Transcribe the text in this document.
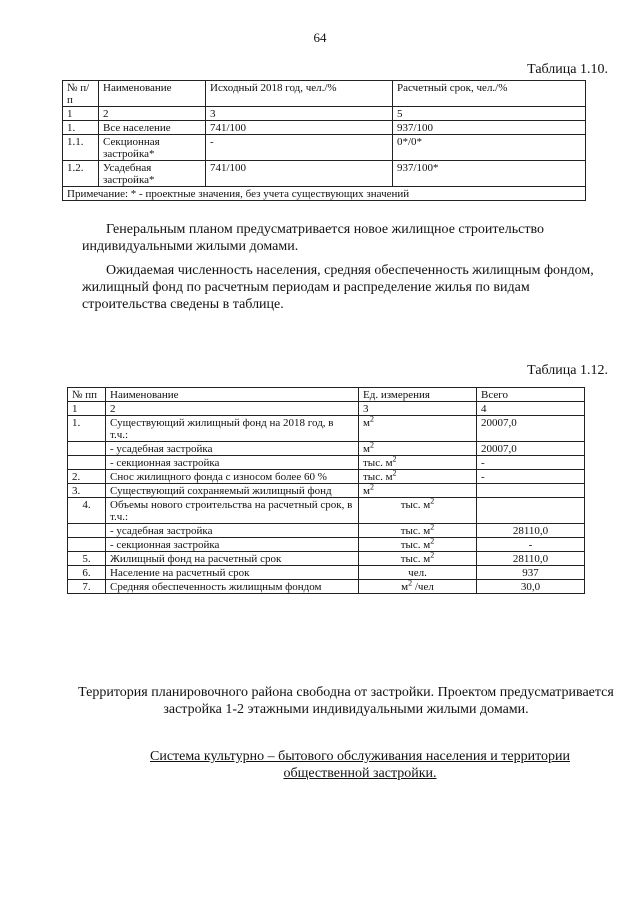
64
Таблица 1.10.
№ п/п	Наименование	Исходный 2018 год, чел./%	Расчетный срок, чел./%
1	2	3	5
1.	Все население	741/100	937/100
1.1.	Секционная застройка*	-	0*/0*
1.2.	Усадебная застройка*	741/100	937/100*
Примечание: * - проектные значения, без учета существующих значений			

Генеральным планом предусматривается новое жилищное строительство индивидуальными жилыми домами.

Ожидаемая численность населения, средняя обеспеченность жилищным фондом, жилищный фонд по расчетным периодам и распределение жилья по видам строительства сведены в таблице.

Таблица 1.12.
№ пп	Наименование	Ед. измерения	Всего
1	2	3	4
1.	Существующий жилищный фонд на 2018 год, в т.ч.:	$м^2$	20007,0
	- усадебная застройка	$м^2$	20007,0
	- секционная застройка	тыс. $м^2$	-
2.	Снос жилищного фонда с износом более 60 %	тыс. $м^2$	-
3.	Существующий сохраняемый жилищный фонд	$м^2$	
4.	Объемы нового строительства на расчетный срок, в т.ч.:	тыс. $м^2$	
	- усадебная застройка	тыс. $м^2$	28110,0
	- секционная застройка	тыс. $м^2$	-
5.	Жилищный фонд на расчетный срок	тыс. $м^2$	28110,0
6.	Население на расчетный срок	чел.	937
7.	Средняя обеспеченность жилищным фондом	$м^2$ /чел	30,0

Территория планировочного района свободна от застройки. Проектом предусматривается застройка 1-2 этажными индивидуальными жилыми домами.

Система культурно – бытового обслуживания населения и территории общественной застройки.
